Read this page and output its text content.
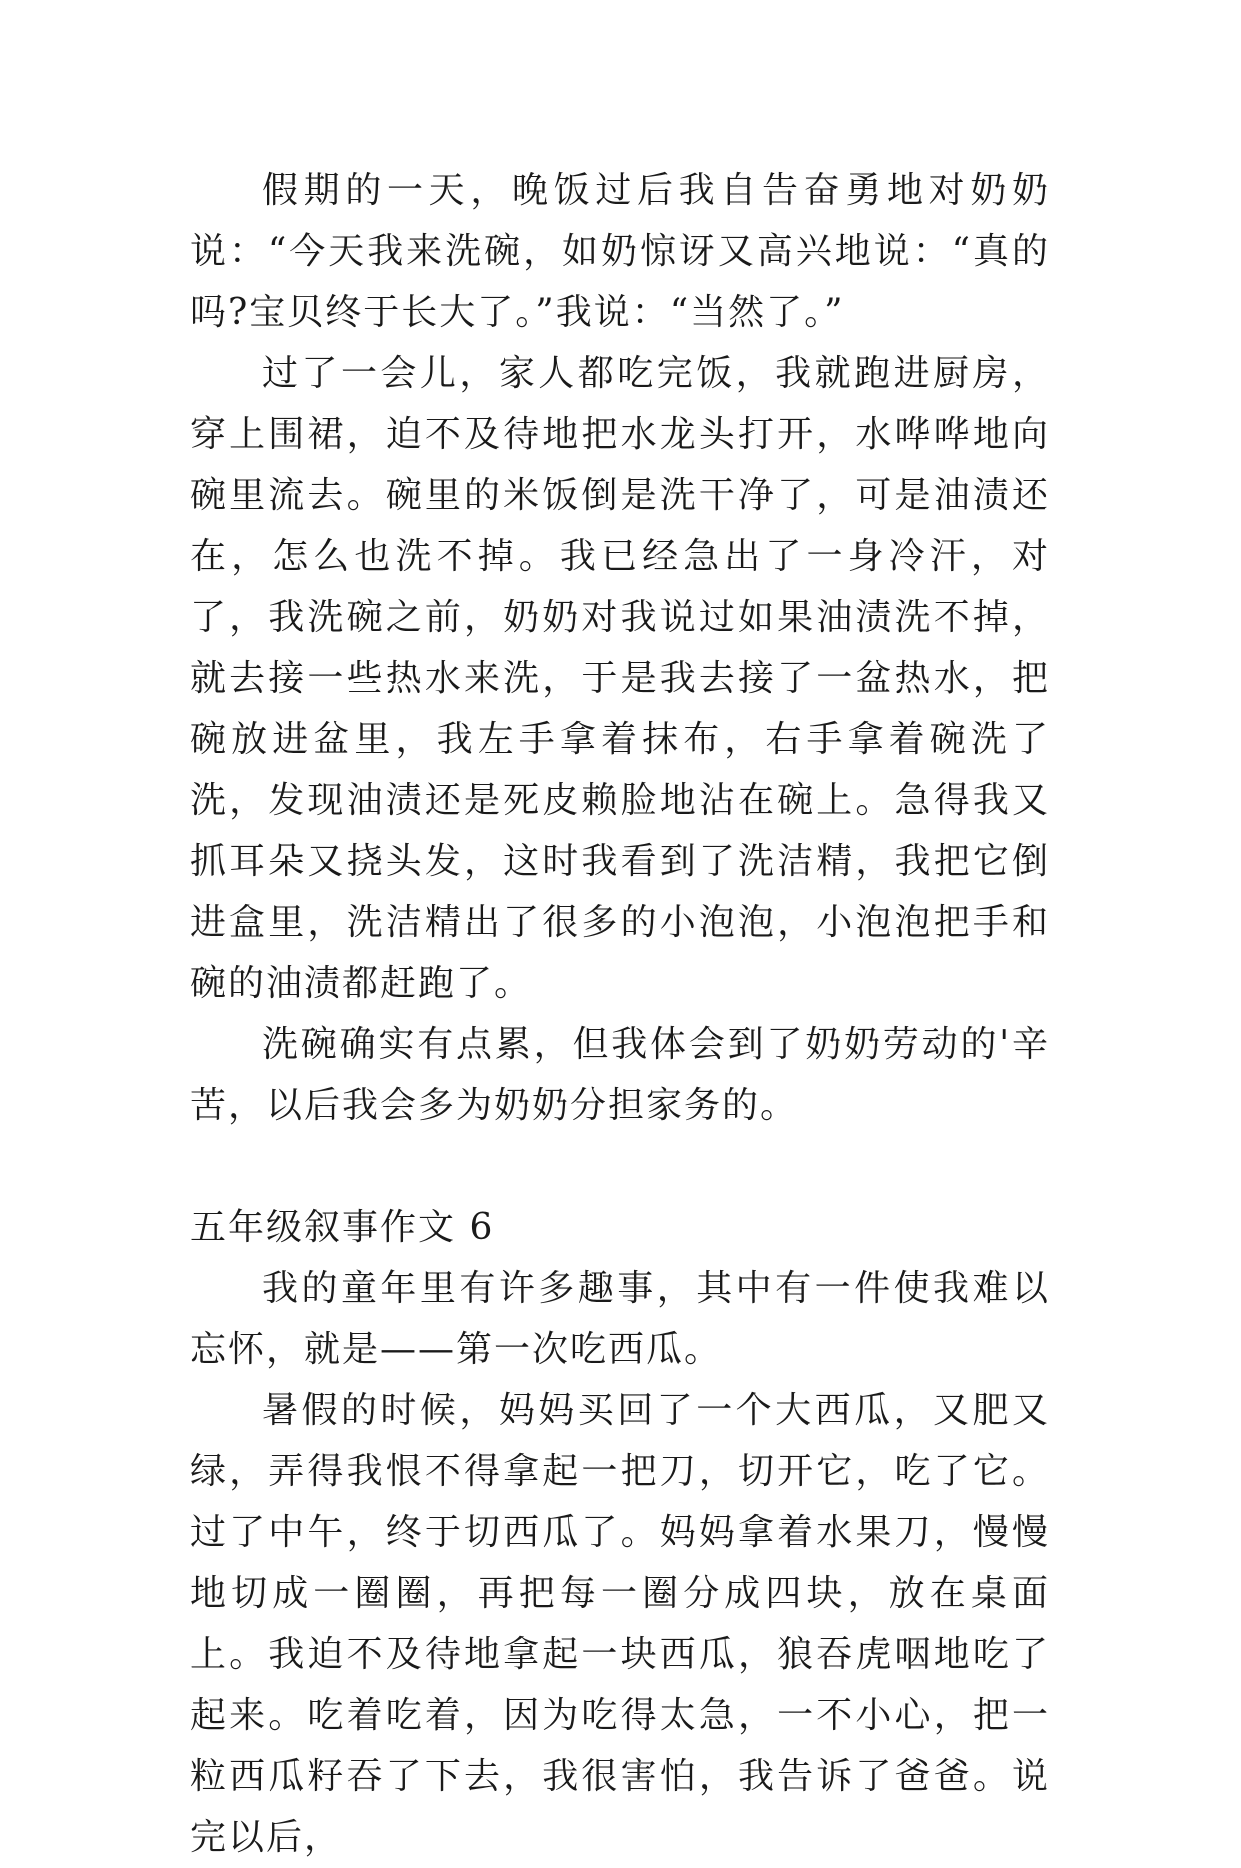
假期的一天，晚饭过后我自告奋勇地对奶奶说：“今天我来洗碗，如奶惊讶又高兴地说：“真的吗?宝贝终于长大了。”我说：“当然了。”

过了一会儿，家人都吃完饭，我就跑进厨房，穿上围裙，迫不及待地把水龙头打开，水哗哗地向碗里流去。碗里的米饭倒是洗干净了，可是油渍还在，怎么也洗不掉。我已经急出了一身冷汗，对了，我洗碗之前，奶奶对我说过如果油渍洗不掉，就去接一些热水来洗，于是我去接了一盆热水，把碗放进盆里，我左手拿着抹布，右手拿着碗洗了洗，发现油渍还是死皮赖脸地沾在碗上。急得我又抓耳朵又挠头发，这时我看到了洗洁精，我把它倒进盒里，洗洁精出了很多的小泡泡，小泡泡把手和碗的油渍都赶跑了。

洗碗确实有点累，但我体会到了奶奶劳动的'辛苦，以后我会多为奶奶分担家务的。

五年级叙事作文 6

我的童年里有许多趣事，其中有一件使我难以忘怀，就是——第一次吃西瓜。

暑假的时候，妈妈买回了一个大西瓜，又肥又绿，弄得我恨不得拿起一把刀，切开它，吃了它。过了中午，终于切西瓜了。妈妈拿着水果刀，慢慢地切成一圈圈，再把每一圈分成四块，放在桌面上。我迫不及待地拿起一块西瓜，狼吞虎咽地吃了起来。吃着吃着，因为吃得太急，一不小心，把一粒西瓜籽吞了下去，我很害怕，我告诉了爸爸。说完以后，
